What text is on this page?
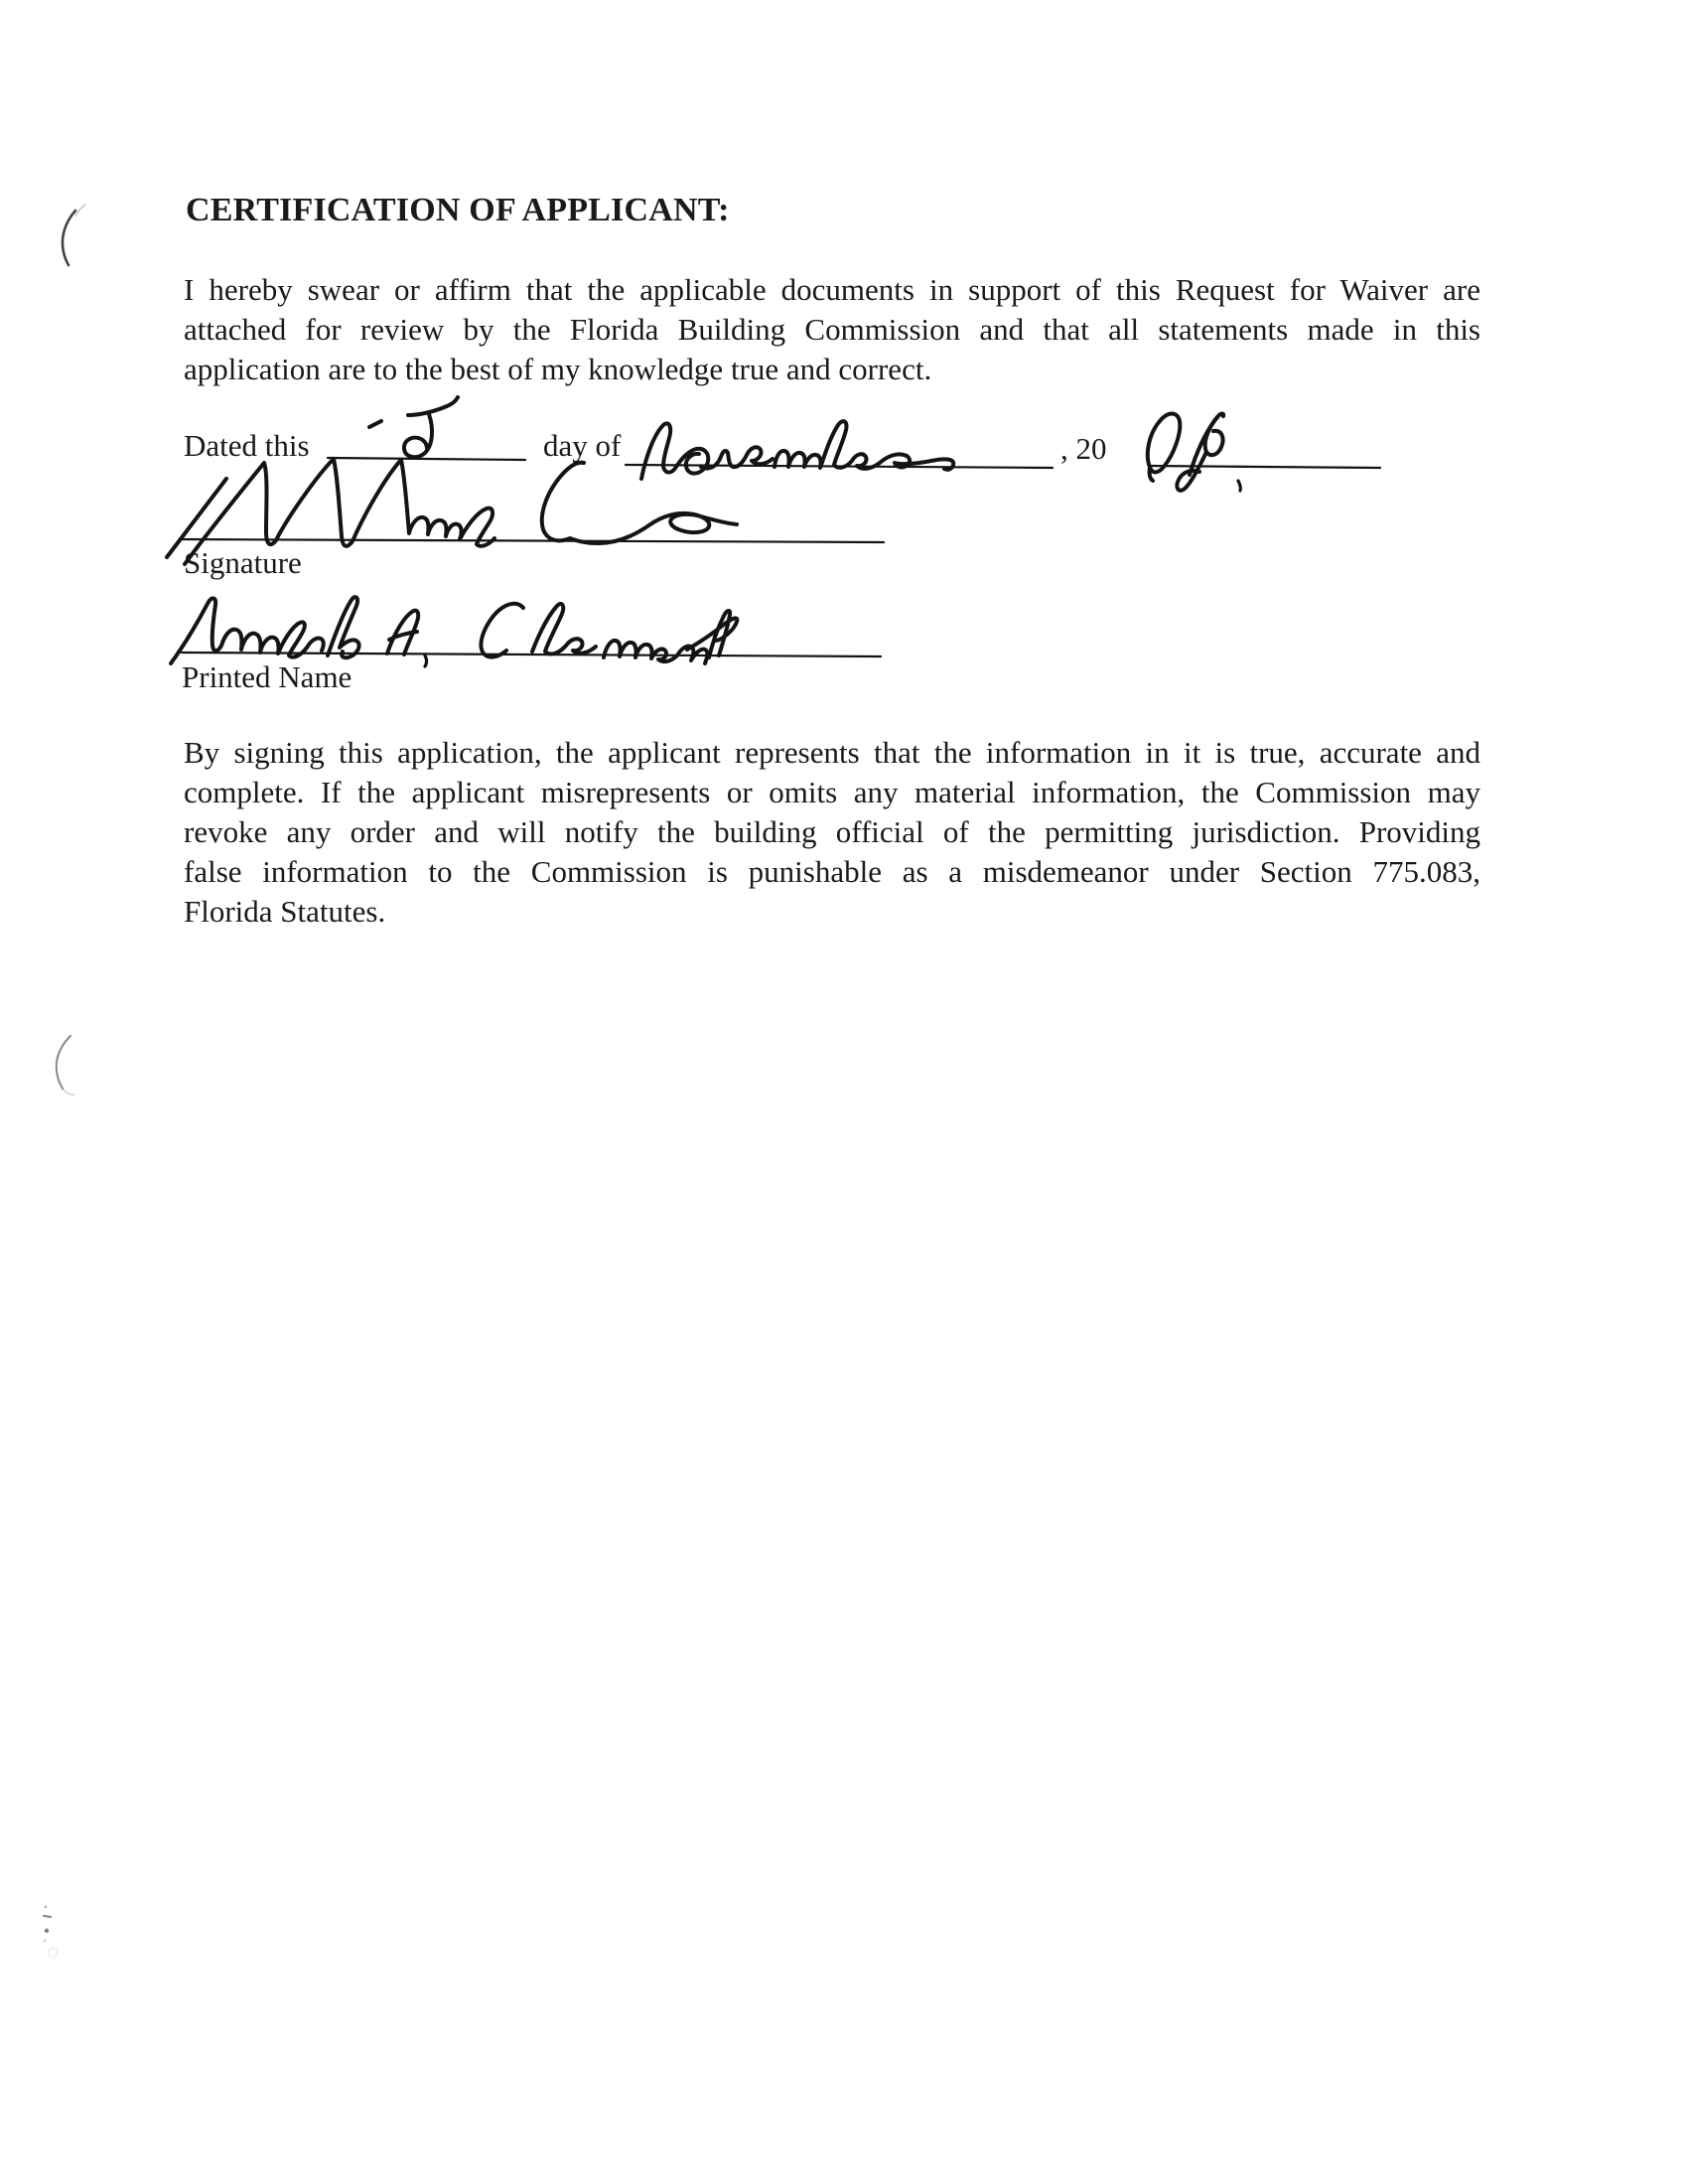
CERTIFICATION OF APPLICANT:
I hereby swear or affirm that the applicable documents in support of this Request for Waiver are
attached for review by the Florida Building Commission and that all statements made in this
application are to the best of my knowledge true and correct.
Dated this	day of	, 20
Signature
Printed Name
By signing this application, the applicant represents that the information in it is true, accurate and
complete. If the applicant misrepresents or omits any material information, the Commission may
revoke any order and will notify the building official of the permitting jurisdiction. Providing
false information to the Commission is punishable as a misdemeanor under Section 775.083,
Florida Statutes.
